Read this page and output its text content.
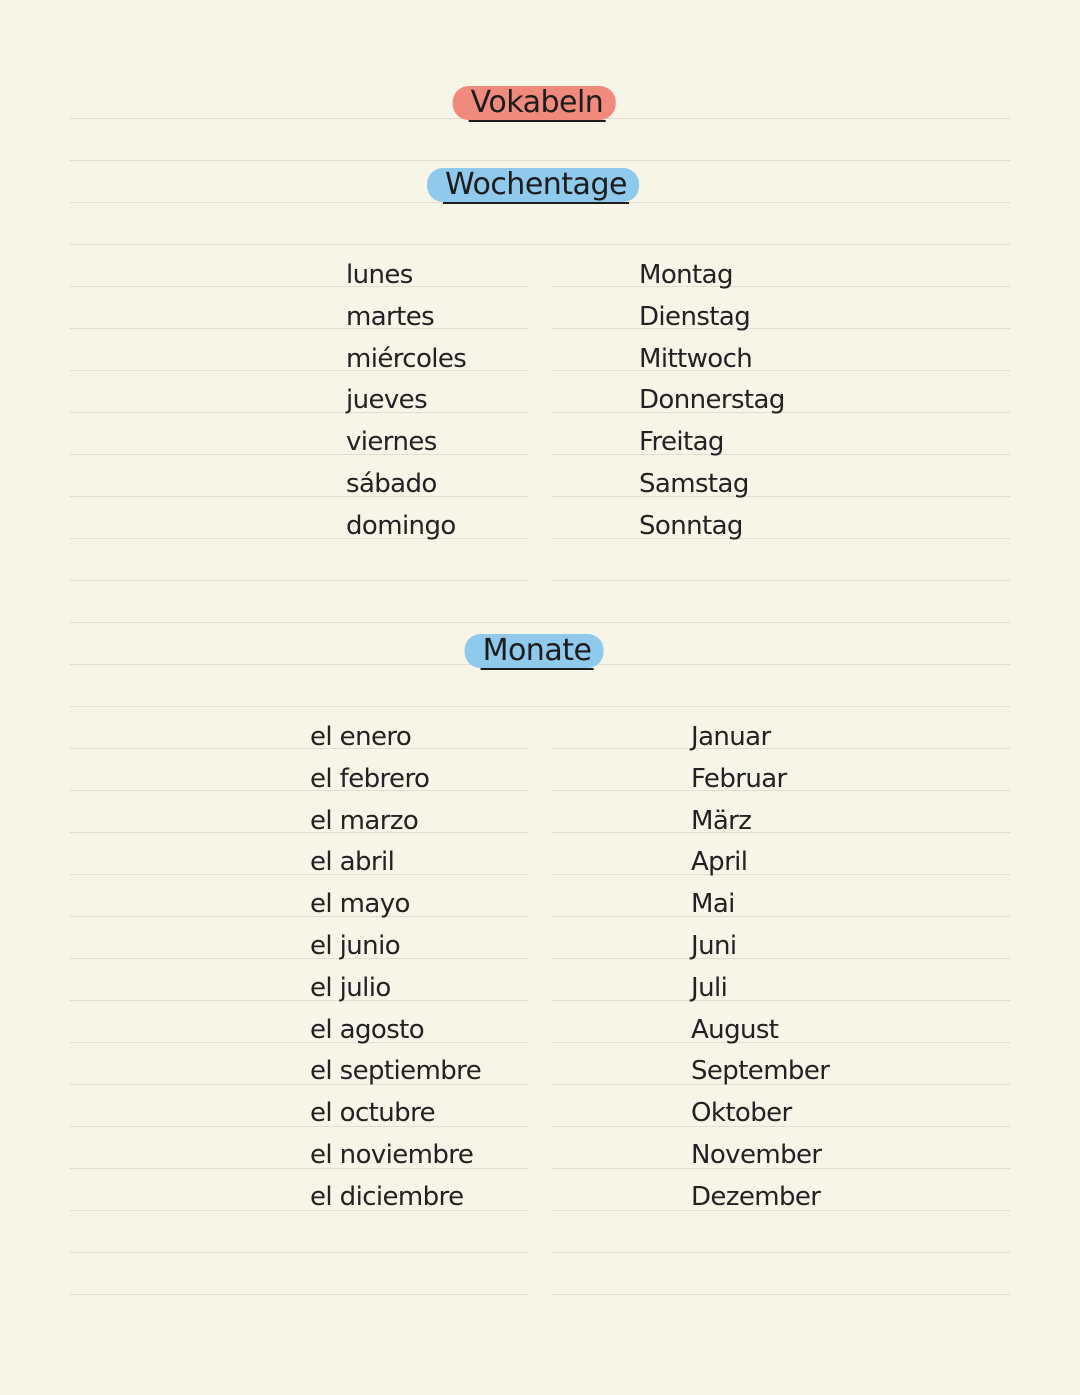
Vokabeln
Wochentage
lunes	Montag
martes	Dienstag
miércoles	Mittwoch
jueves	Donnerstag
viernes	Freitag
sábado	Samstag
domingo	Sonntag
Monate
el enero	Januar
el febrero	Februar
el marzo	März
el abril	April
el mayo	Mai
el junio	Juni
el julio	Juli
el agosto	August
el septiembre	September
el octubre	Oktober
el noviembre	November
el diciembre	Dezember
